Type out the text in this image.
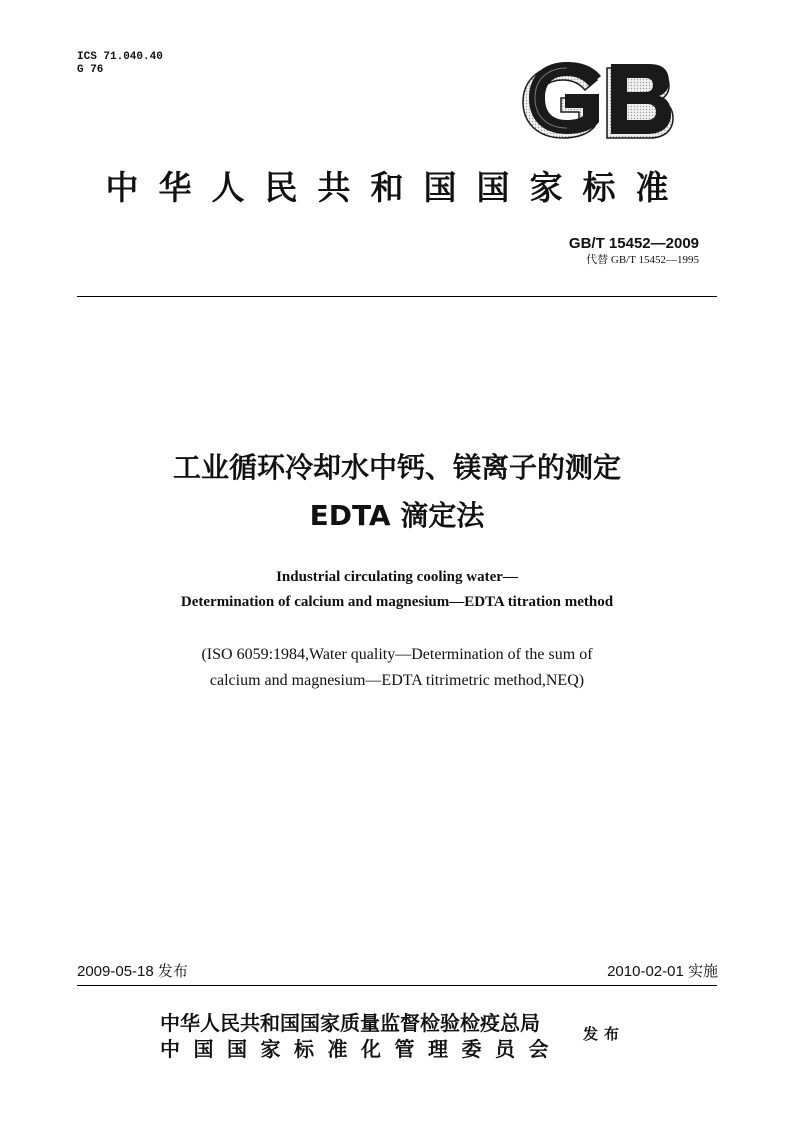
ICS 71.040.40
G 76
中华人民共和国国家标准
GB/T 15452—2009
代替 GB/T 15452—1995
工业循环冷却水中钙、镁离子的测定
EDTA 滴定法
Industrial circulating cooling water—
Determination of calcium and magnesium—EDTA titration method
(ISO 6059:1984,Water quality—Determination of the sum of
calcium and magnesium—EDTA titrimetric method,NEQ)
2009-05-18 发布	2010-02-01 实施
中华人民共和国国家质量监督检验检疫总局
中国国家标准化管理委员会
发布
